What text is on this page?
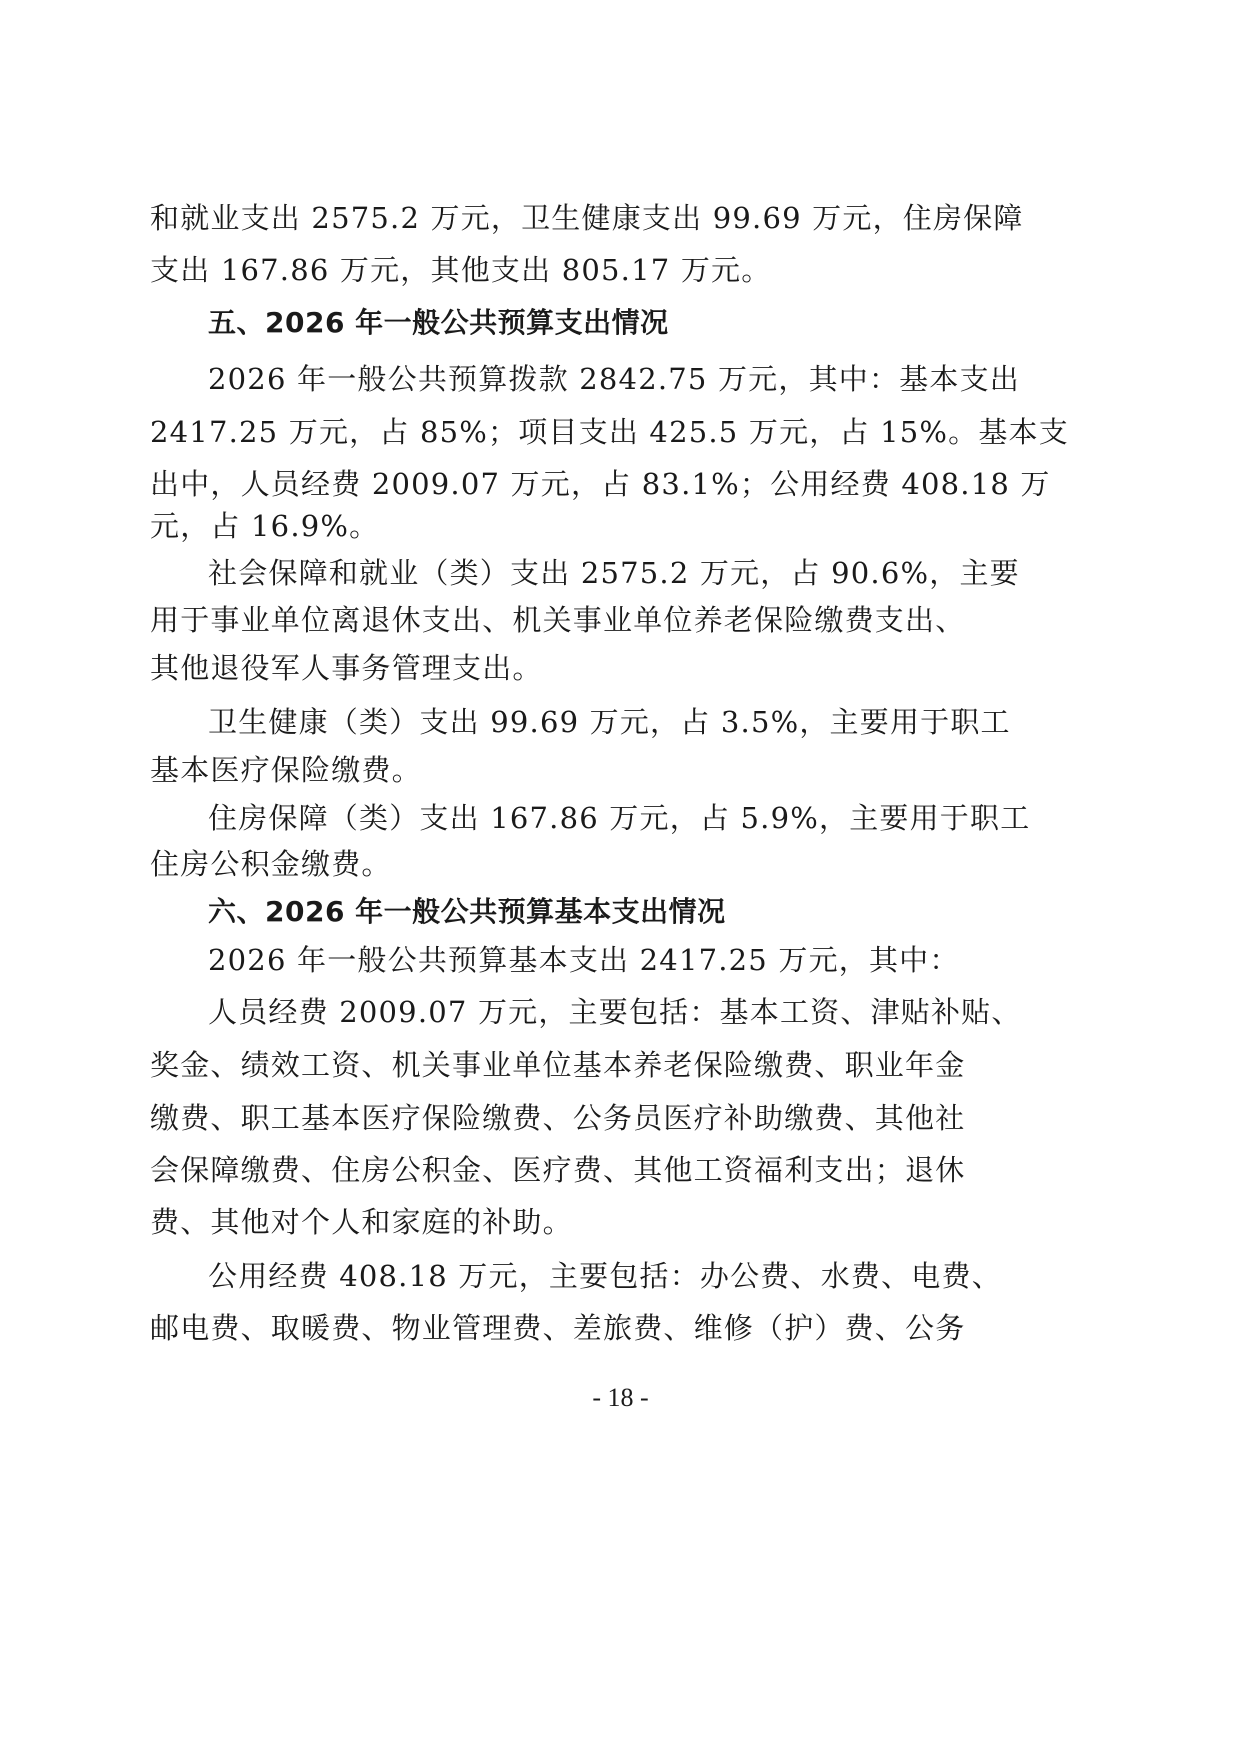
和就业支出 2575.2 万元，卫生健康支出 99.69 万元，住房保障
支出 167.86 万元，其他支出 805.17 万元。
五、2026 年一般公共预算支出情况
2026 年一般公共预算拨款 2842.75 万元，其中：基本支出
2417.25 万元，占 85%；项目支出 425.5 万元，占 15%。基本支
出中，人员经费 2009.07 万元，占 83.1%；公用经费 408.18 万
元，占 16.9%。
社会保障和就业（类）支出 2575.2 万元，占 90.6%，主要
用于事业单位离退休支出、机关事业单位养老保险缴费支出、
其他退役军人事务管理支出。
卫生健康（类）支出 99.69 万元，占 3.5%，主要用于职工
基本医疗保险缴费。
住房保障（类）支出 167.86 万元，占 5.9%，主要用于职工
住房公积金缴费。
六、2026 年一般公共预算基本支出情况
2026 年一般公共预算基本支出 2417.25 万元，其中：
人员经费 2009.07 万元，主要包括：基本工资、津贴补贴、
奖金、绩效工资、机关事业单位基本养老保险缴费、职业年金
缴费、职工基本医疗保险缴费、公务员医疗补助缴费、其他社
会保障缴费、住房公积金、医疗费、其他工资福利支出；退休
费、其他对个人和家庭的补助。
公用经费 408.18 万元，主要包括：办公费、水费、电费、
邮电费、取暖费、物业管理费、差旅费、维修（护）费、公务
- 18 -
